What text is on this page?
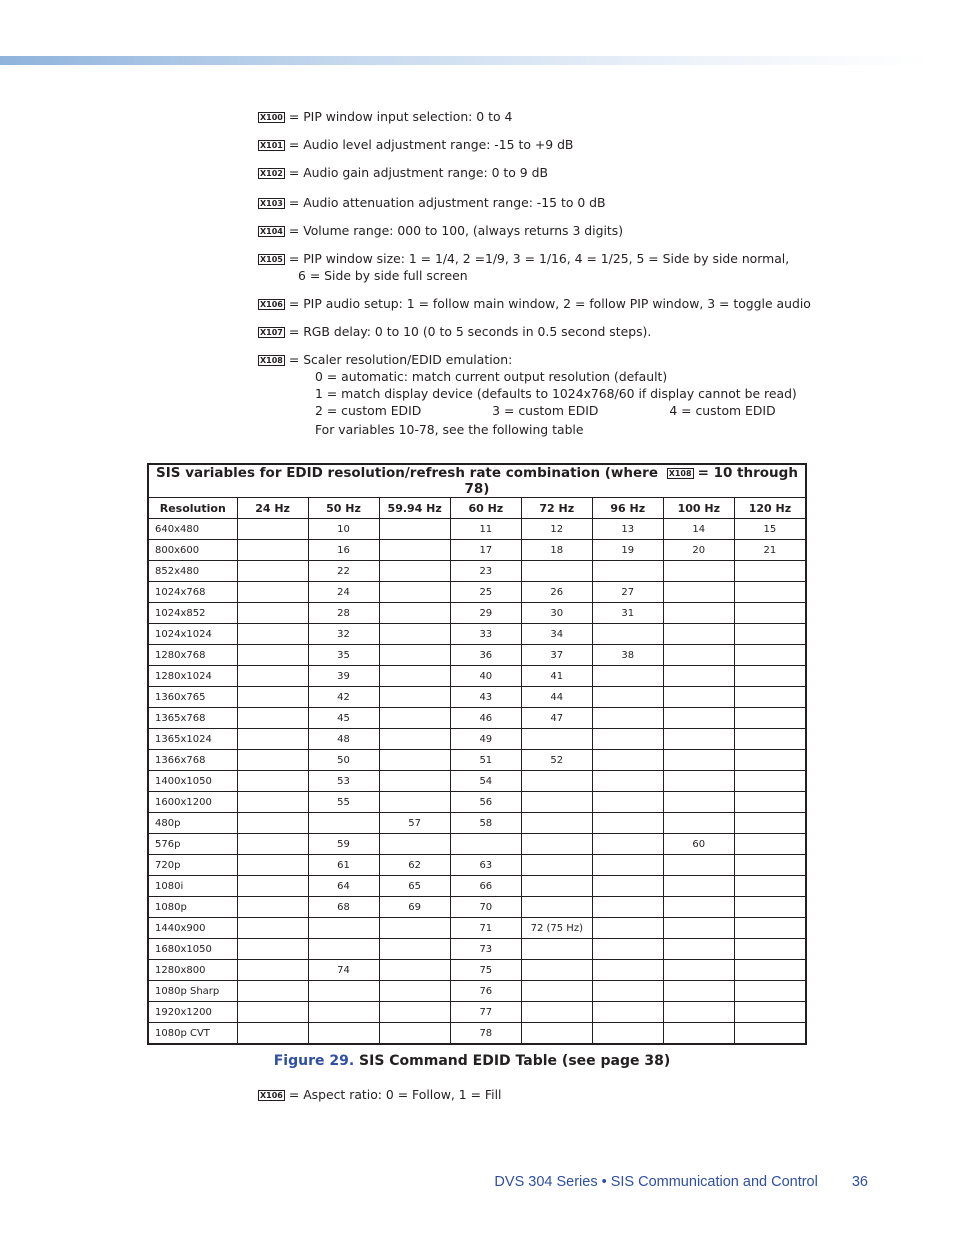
X100 = PIP window input selection: 0 to 4
X101 = Audio level adjustment range: -15 to +9 dB
X102 = Audio gain adjustment range: 0 to 9 dB
X103 = Audio attenuation adjustment range: -15 to 0 dB
X104 = Volume range: 000 to 100, (always returns 3 digits)
X105 = PIP window size: 1 = 1/4, 2 =1/9, 3 = 1/16, 4 = 1/25, 5 = Side by side normal,
6 = Side by side full screen
X106 = PIP audio setup: 1 = follow main window, 2 = follow PIP window, 3 = toggle audio
X107 = RGB delay: 0 to 10 (0 to 5 seconds in 0.5 second steps).
X108 = Scaler resolution/EDID emulation:
0 = automatic: match current output resolution (default)
1 = match display device (defaults to 1024x768/60 if display cannot be read)
2 = custom EDID                  3 = custom EDID                  4 = custom EDID
For variables 10-78, see the following table
SIS variables for EDID resolution/refresh rate combination (where X108 = 10 through 78)								
Resolution	24 Hz	50 Hz	59.94 Hz	60 Hz	72 Hz	96 Hz	100 Hz	120 Hz
640x480		10		11	12	13	14	15
800x600		16		17	18	19	20	21
852x480		22		23				
1024x768		24		25	26	27		
1024x852		28		29	30	31		
1024x1024		32		33	34			
1280x768		35		36	37	38		
1280x1024		39		40	41			
1360x765		42		43	44			
1365x768		45		46	47			
1365x1024		48		49				
1366x768		50		51	52			
1400x1050		53		54				
1600x1200		55		56				
480p			57	58				
576p		59					60	
720p		61	62	63				
1080i		64	65	66				
1080p		68	69	70				
1440x900				71	72 (75 Hz)			
1680x1050				73				
1280x800		74		75				
1080p Sharp				76				
1920x1200				77				
1080p CVT				78				
Figure 29. SIS Command EDID Table (see page 38)
X106 = Aspect ratio: 0 = Follow, 1 = Fill
DVS 304 Series • SIS Communication and Control 36
